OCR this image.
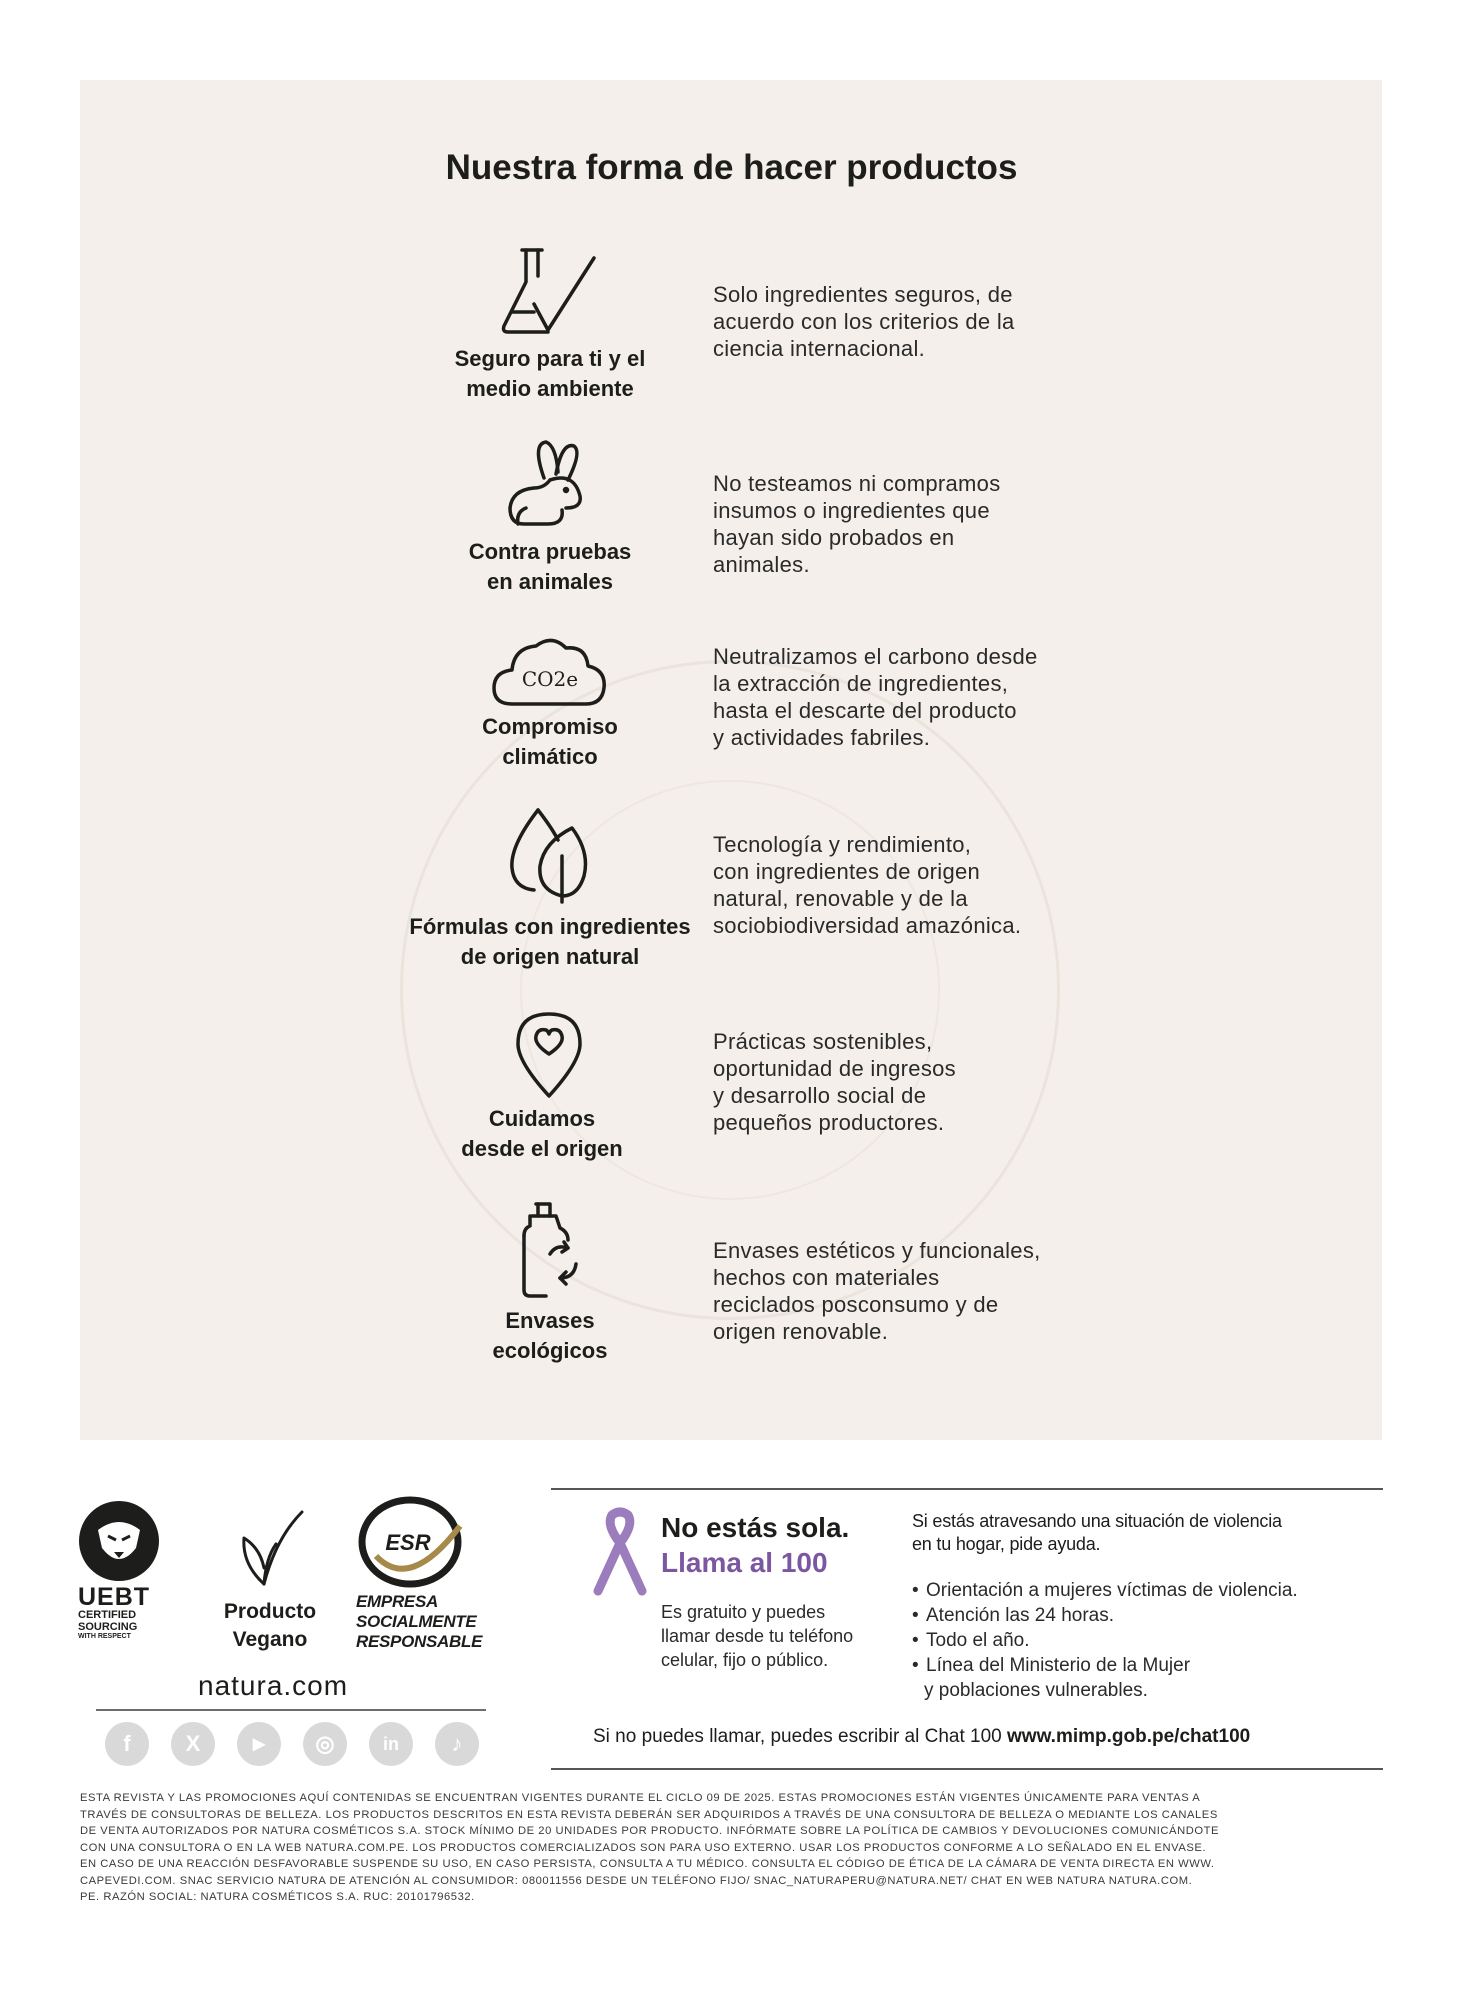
Nuestra forma de hacer productos
Seguro para ti y el
medio ambiente
Solo ingredientes seguros, de
acuerdo con los criterios de la
ciencia internacional.
Contra pruebas
en animales
No testeamos ni compramos
insumos o ingredientes que
hayan sido probados en
animales.
CO2e
Compromiso
climático
Neutralizamos el carbono desde
la extracción de ingredientes,
hasta el descarte del producto
y actividades fabriles.
Fórmulas con ingredientes
de origen natural
Tecnología y rendimiento,
con ingredientes de origen
natural, renovable y de la
sociobiodiversidad amazónica.
Cuidamos
desde el origen
Prácticas sostenibles,
oportunidad de ingresos
y desarrollo social de
pequeños productores.
Envases
ecológicos
Envases estéticos y funcionales,
hechos con materiales
reciclados posconsumo y de
origen renovable.
UEBT
CERTIFIED
SOURCING
WITH RESPECT
Producto
Vegano
ESR
EMPRESA
SOCIALMENTE
RESPONSABLE
natura.com
f	X	▶	◎	in	♪
No estás sola.
Llama al 100
Es gratuito y puedes
llamar desde tu teléfono
celular, fijo o público.
Si estás atravesando una situación de violencia
en tu hogar, pide ayuda.
• Orientación a mujeres víctimas de violencia.
• Atención las 24 horas.
• Todo el año.
• Línea del Ministerio de la Mujer
y poblaciones vulnerables.
Si no puedes llamar, puedes escribir al Chat 100 www.mimp.gob.pe/chat100
ESTA REVISTA Y LAS PROMOCIONES AQUÍ CONTENIDAS SE ENCUENTRAN VIGENTES DURANTE EL CICLO 09 DE 2025. ESTAS PROMOCIONES ESTÁN VIGENTES ÚNICAMENTE PARA VENTAS A
TRAVÉS DE CONSULTORAS DE BELLEZA. LOS PRODUCTOS DESCRITOS EN ESTA REVISTA DEBERÁN SER ADQUIRIDOS A TRAVÉS DE UNA CONSULTORA DE BELLEZA O MEDIANTE LOS CANALES
DE VENTA AUTORIZADOS POR NATURA COSMÉTICOS S.A. STOCK MÍNIMO DE 20 UNIDADES POR PRODUCTO. INFÓRMATE SOBRE LA POLÍTICA DE CAMBIOS Y DEVOLUCIONES COMUNICÁNDOTE
CON UNA CONSULTORA O EN LA WEB NATURA.COM.PE. LOS PRODUCTOS COMERCIALIZADOS SON PARA USO EXTERNO. USAR LOS PRODUCTOS CONFORME A LO SEÑALADO EN EL ENVASE.
EN CASO DE UNA REACCIÓN DESFAVORABLE SUSPENDE SU USO, EN CASO PERSISTA, CONSULTA A TU MÉDICO. CONSULTA EL CÓDIGO DE ÉTICA DE LA CÁMARA DE VENTA DIRECTA EN WWW.
CAPEVEDI.COM. SNAC SERVICIO NATURA DE ATENCIÓN AL CONSUMIDOR: 080011556 DESDE UN TELÉFONO FIJO/ SNAC_NATURAPERU@NATURA.NET/ CHAT EN WEB NATURA NATURA.COM.
PE. RAZÓN SOCIAL: NATURA COSMÉTICOS S.A. RUC: 20101796532.
